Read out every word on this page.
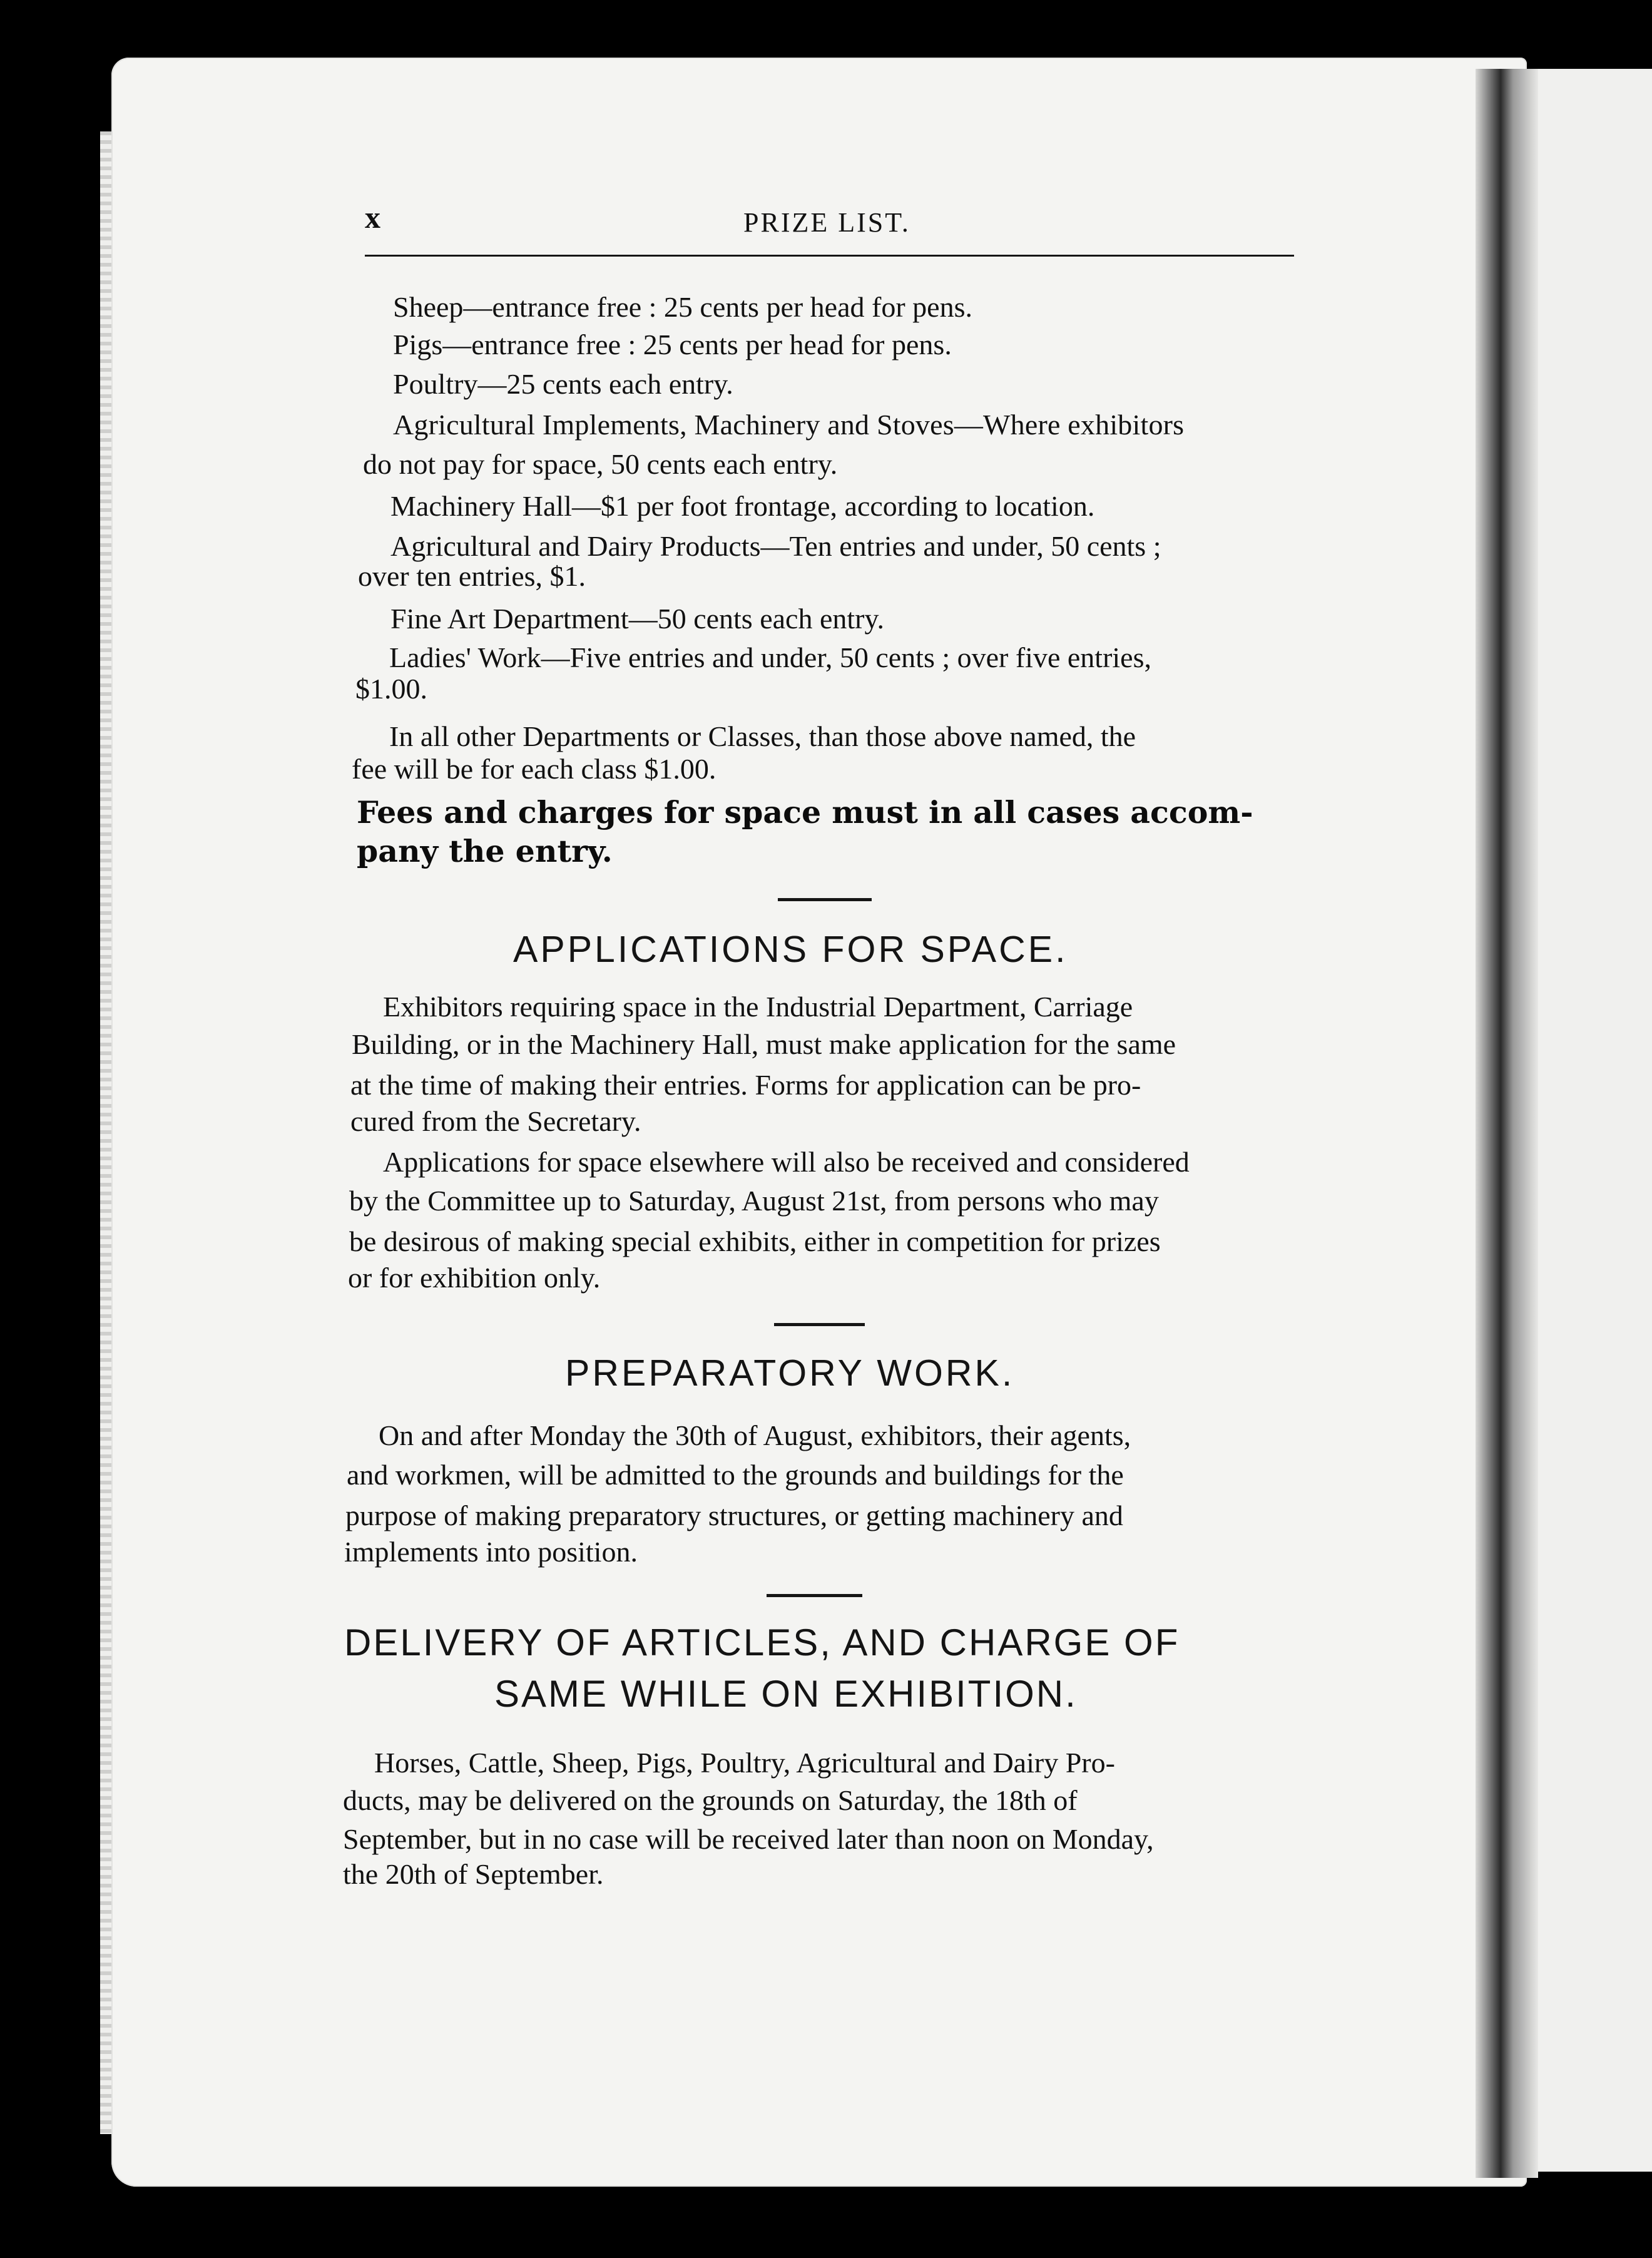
x	PRIZE LIST.
Sheep—entrance free : 25 cents per head for pens.
Pigs—entrance free : 25 cents per head for pens.
Poultry—25 cents each entry.
Agricultural Implements, Machinery and Stoves—Where exhibitors
do not pay for space, 50 cents each entry.
Machinery Hall—$1 per foot frontage, according to location.
Agricultural and Dairy Products—Ten entries and under, 50 cents ;
over ten entries, $1.
Fine Art Department—50 cents each entry.
Ladies' Work—Five entries and under, 50 cents ; over five entries,
$1.00.
In all other Departments or Classes, than those above named, the
fee will be for each class $1.00.
Fees and charges for space must in all cases accom-
pany the entry.
APPLICATIONS FOR SPACE.
Exhibitors requiring space in the Industrial Department, Carriage
Building, or in the Machinery Hall, must make application for the same
at the time of making their entries. Forms for application can be pro-
cured from the Secretary.
Applications for space elsewhere will also be received and considered
by the Committee up to Saturday, August 21st, from persons who may
be desirous of making special exhibits, either in competition for prizes
or for exhibition only.
PREPARATORY WORK.
On and after Monday the 30th of August, exhibitors, their agents,
and workmen, will be admitted to the grounds and buildings for the
purpose of making preparatory structures, or getting machinery and
implements into position.
DELIVERY OF ARTICLES, AND CHARGE OF
SAME WHILE ON EXHIBITION.
Horses, Cattle, Sheep, Pigs, Poultry, Agricultural and Dairy Pro-
ducts, may be delivered on the grounds on Saturday, the 18th of
September, but in no case will be received later than noon on Monday,
the 20th of September.
